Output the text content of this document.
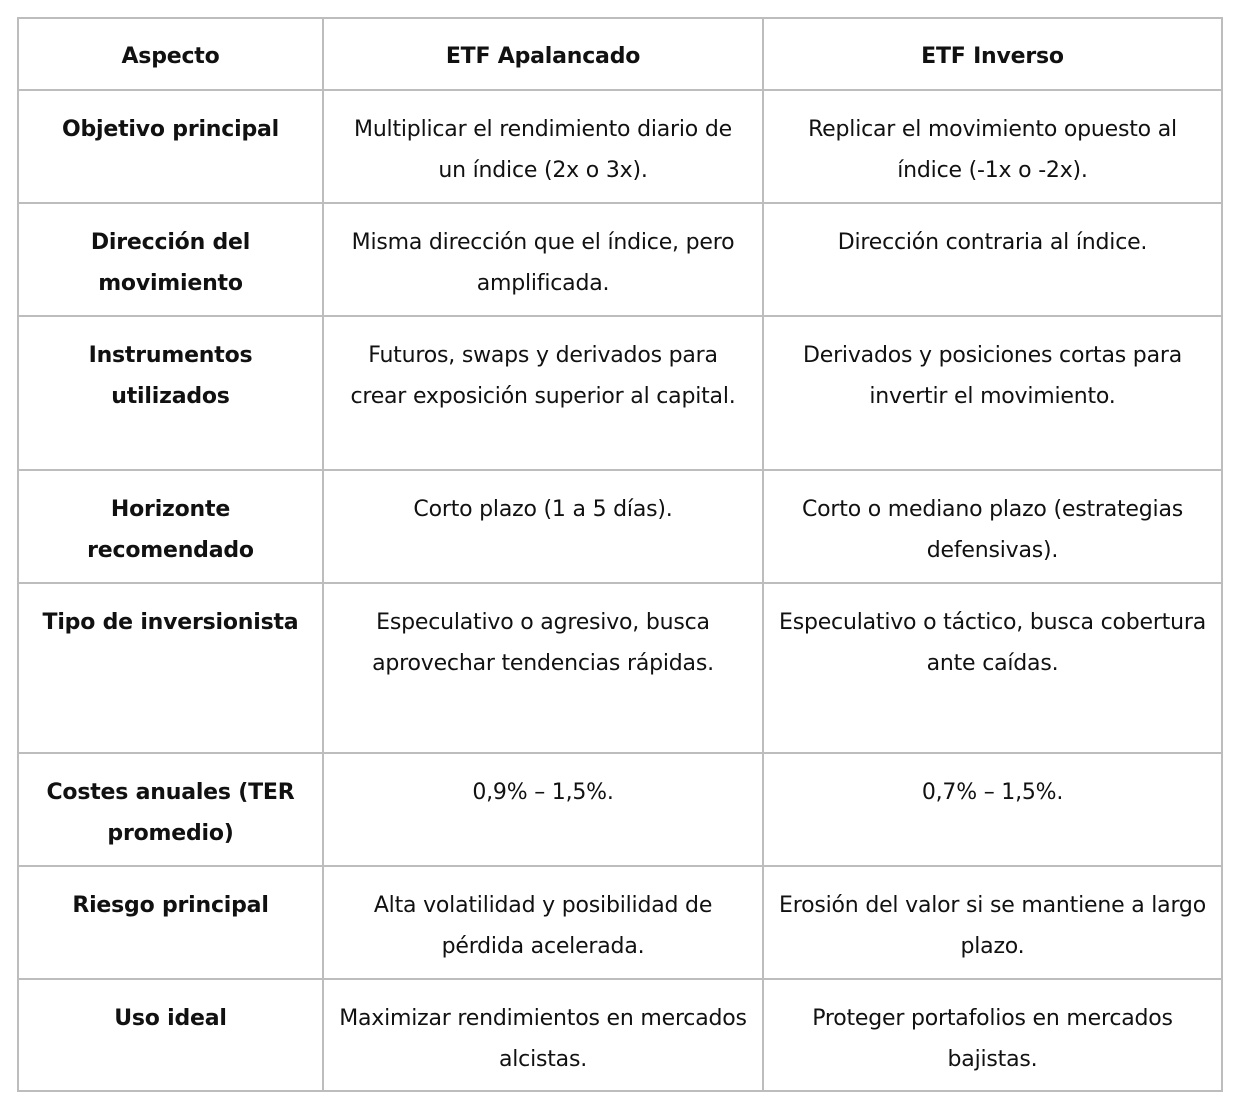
Aspecto	ETF Apalancado	ETF Inverso
Objetivo principal	Multiplicar el rendimiento diario de un índice (2x o 3x).	Replicar el movimiento opuesto al índice (-1x o -2x).
Dirección del movimiento	Misma dirección que el índice, pero amplificada.	Dirección contraria al índice.
Instrumentos utilizados	Futuros, swaps y derivados para crear exposición superior al capital.	Derivados y posiciones cortas para invertir el movimiento.
Horizonte recomendado	Corto plazo (1 a 5 días).	Corto o mediano plazo (estrategias defensivas).
Tipo de inversionista	Especulativo o agresivo, busca aprovechar tendencias rápidas.	Especulativo o táctico, busca cobertura ante caídas.
Costes anuales (TER promedio)	0,9% – 1,5%.	0,7% – 1,5%.
Riesgo principal	Alta volatilidad y posibilidad de pérdida acelerada.	Erosión del valor si se mantiene a largo plazo.
Uso ideal	Maximizar rendimientos en mercados alcistas.	Proteger portafolios en mercados bajistas.
